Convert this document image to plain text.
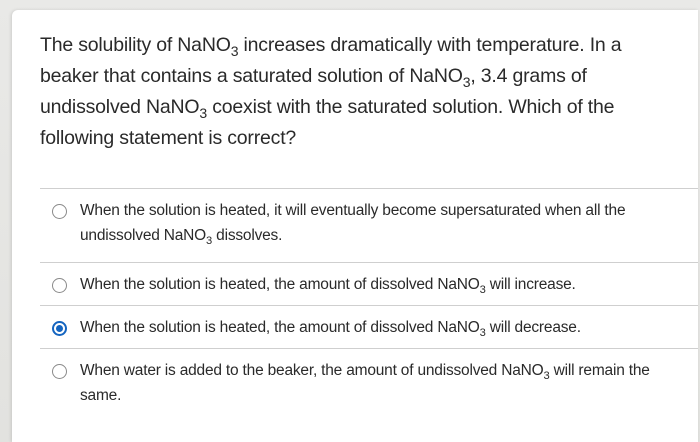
The solubility of NaNO$_3$ increases dramatically with temperature. In a beaker that contains a saturated solution of NaNO$_3$, 3.4 grams of undissolved NaNO$_3$ coexist with the saturated solution. Which of the following statement is correct?

When the solution is heated, it will eventually become supersaturated when all the undissolved NaNO$_3$ dissolves.
When the solution is heated, the amount of dissolved NaNO$_3$ will increase.
When the solution is heated, the amount of dissolved NaNO$_3$ will decrease.
When water is added to the beaker, the amount of undissolved NaNO$_3$ will remain the same.
